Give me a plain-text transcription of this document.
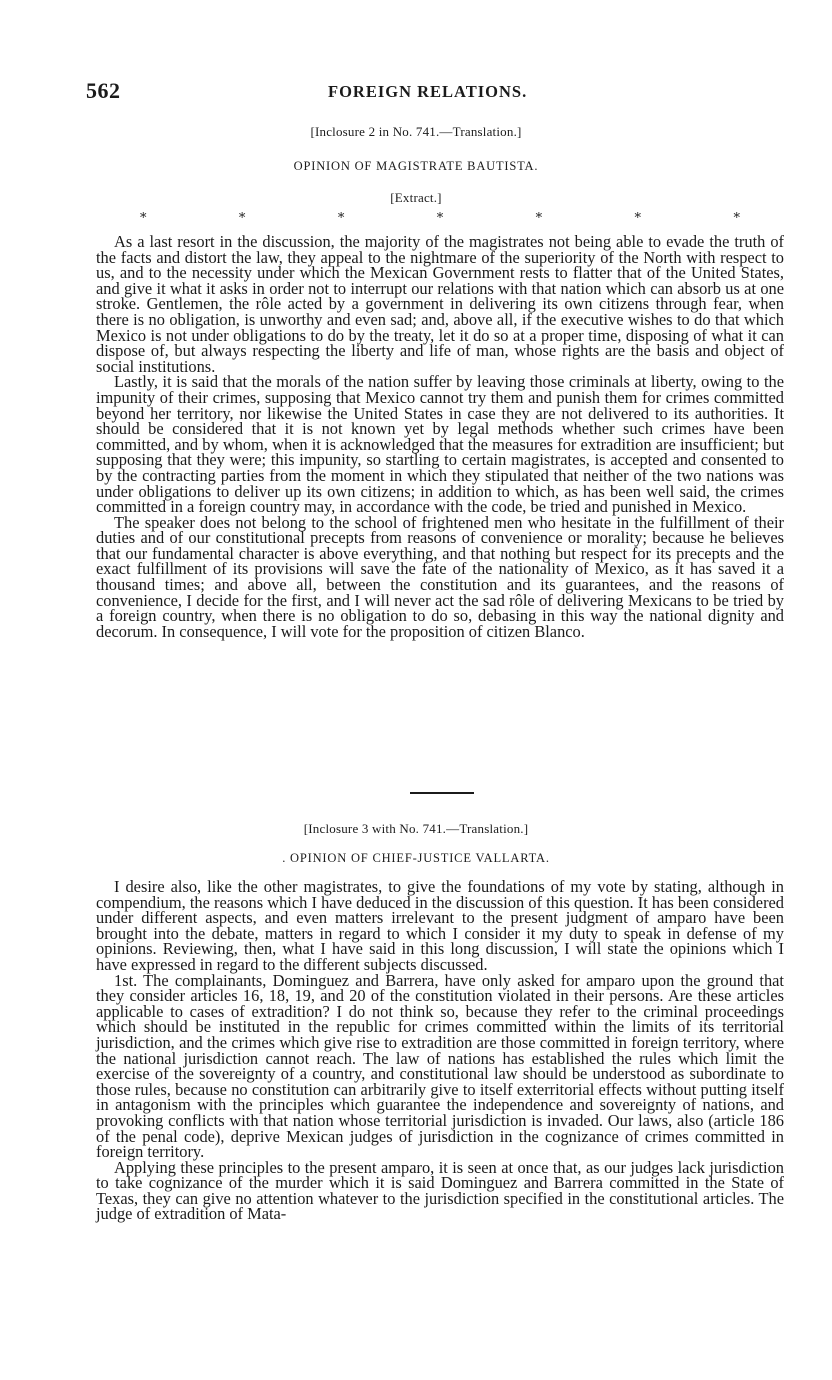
562	FOREIGN RELATIONS.
[Inclosure 2 in No. 741.—Translation.]
OPINION OF MAGISTRATE BAUTISTA.
[Extract.]
*	*	*	*	*	*	*

As a last resort in the discussion, the majority of the magistrates not being able to evade the truth of the facts and distort the law, they appeal to the nightmare of the superiority of the North with respect to us, and to the necessity under which the Mexican Government rests to flatter that of the United States, and give it what it asks in order not to interrupt our relations with that nation which can absorb us at one stroke. Gentlemen, the rôle acted by a government in delivering its own citizens through fear, when there is no obligation, is unworthy and even sad; and, above all, if the executive wishes to do that which Mexico is not under obligations to do by the treaty, let it do so at a proper time, disposing of what it can dispose of, but always respecting the liberty and life of man, whose rights are the basis and object of social institutions.

Lastly, it is said that the morals of the nation suffer by leaving those criminals at liberty, owing to the impunity of their crimes, supposing that Mexico cannot try them and punish them for crimes committed beyond her territory, nor likewise the United States in case they are not delivered to its authorities. It should be considered that it is not known yet by legal methods whether such crimes have been committed, and by whom, when it is acknowledged that the measures for extradition are insufficient; but supposing that they were; this impunity, so startling to certain magistrates, is accepted and consented to by the contracting parties from the moment in which they stipulated that neither of the two nations was under obligations to deliver up its own citizens; in addition to which, as has been well said, the crimes committed in a foreign country may, in accordance with the code, be tried and punished in Mexico.

The speaker does not belong to the school of frightened men who hesitate in the fulfillment of their duties and of our constitutional precepts from reasons of convenience or morality; because he believes that our fundamental character is above everything, and that nothing but respect for its precepts and the exact fulfillment of its provisions will save the fate of the nationality of Mexico, as it has saved it a thousand times; and above all, between the constitution and its guarantees, and the reasons of convenience, I decide for the first, and I will never act the sad rôle of delivering Mexicans to be tried by a foreign country, when there is no obligation to do so, debasing in this way the national dignity and decorum. In consequence, I will vote for the proposition of citizen Blanco.

[Inclosure 3 with No. 741.—Translation.]
. OPINION OF CHIEF-JUSTICE VALLARTA.

I desire also, like the other magistrates, to give the foundations of my vote by stating, although in compendium, the reasons which I have deduced in the discussion of this question. It has been considered under different aspects, and even matters irrelevant to the present judgment of amparo have been brought into the debate, matters in regard to which I consider it my duty to speak in defense of my opinions. Reviewing, then, what I have said in this long discussion, I will state the opinions which I have expressed in regard to the different subjects discussed.

1st. The complainants, Dominguez and Barrera, have only asked for amparo upon the ground that they consider articles 16, 18, 19, and 20 of the constitution violated in their persons. Are these articles applicable to cases of extradition? I do not think so, because they refer to the criminal proceedings which should be instituted in the republic for crimes committed within the limits of its territorial jurisdiction, and the crimes which give rise to extradition are those committed in foreign territory, where the national jurisdiction cannot reach. The law of nations has established the rules which limit the exercise of the sovereignty of a country, and constitutional law should be understood as subordinate to those rules, because no constitution can arbitrarily give to itself exterritorial effects without putting itself in antagonism with the principles which guarantee the independence and sovereignty of nations, and provoking conflicts with that nation whose territorial jurisdiction is invaded. Our laws, also (article 186 of the penal code), deprive Mexican judges of jurisdiction in the cognizance of crimes committed in foreign territory.

Applying these principles to the present amparo, it is seen at once that, as our judges lack jurisdiction to take cognizance of the murder which it is said Dominguez and Barrera committed in the State of Texas, they can give no attention whatever to the jurisdiction specified in the constitutional articles. The judge of extradition of Mata-
